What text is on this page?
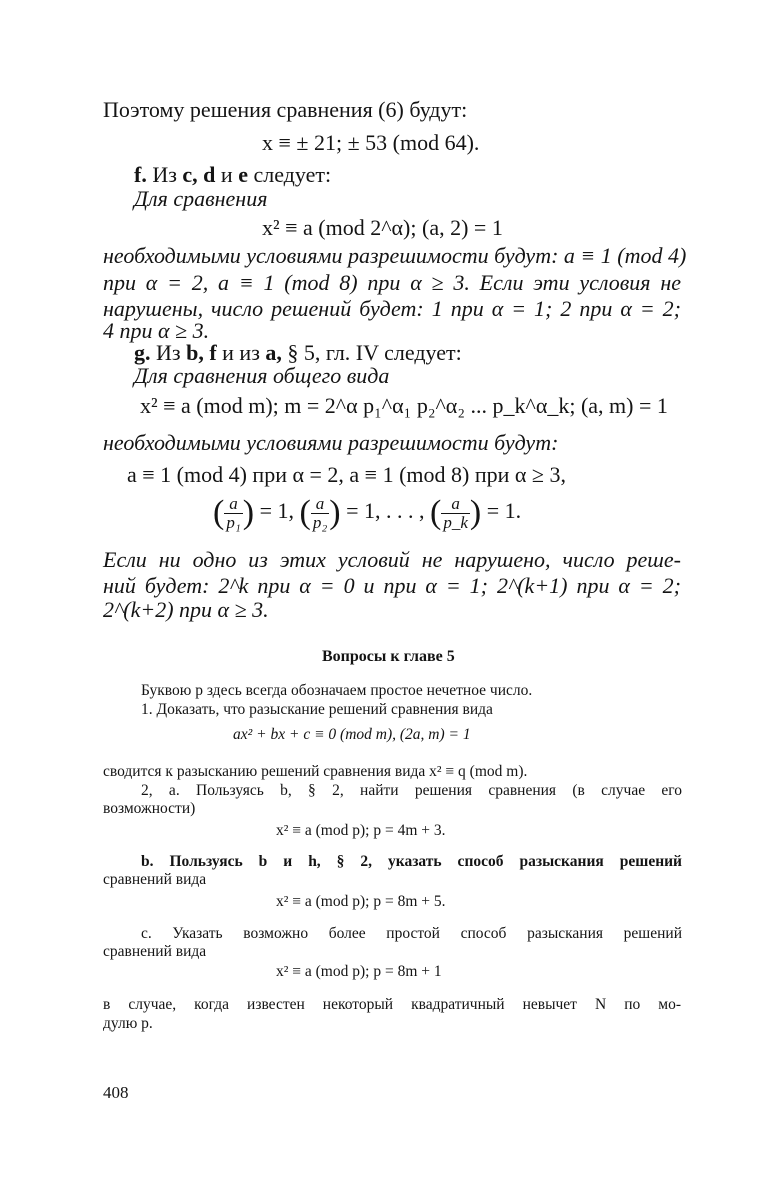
Поэтому решения сравнения (6) будут:
x ≡ ± 21; ± 53 (mod 64).
f. Из c, d и e следует:
Для сравнения
x² ≡ a (mod 2^α); (a, 2) = 1
необходимыми условиями разрешимости будут: a ≡ 1 (mod 4)
при α = 2, a ≡ 1 (mod 8) при α ≥ 3. Если эти условия не
нарушены, число решений будет: 1 при α = 1; 2 при α = 2;
4 при α ≥ 3.
g. Из b, f и из a, § 5, гл. IV следует:
Для сравнения общего вида
x² ≡ a (mod m); m = 2^α p₁^α₁ p₂^α₂ ... p_k^α_k; (a, m) = 1
необходимыми условиями разрешимости будут:
a ≡ 1 (mod 4) при α = 2, a ≡ 1 (mod 8) при α ≥ 3,
( $\frac{a}{\text{p₁}}$ ) = 1, ( $\frac{a}{\text{p₂}}$ ) = 1, . . . , ( $\frac{a}{p\_k}$ ) = 1.
Если ни одно из этих условий не нарушено, число реше-
ний будет: 2^k при α = 0 и при α = 1; 2^(k+1) при α = 2;
2^(k+2) при α ≥ 3.
Вопросы к главе 5
Буквою p здесь всегда обозначаем простое нечетное число.
1. Доказать, что разыскание решений сравнения вида
ax² + bx + c ≡ 0 (mod m), (2a, m) = 1
сводится к разысканию решений сравнения вида x² ≡ q (mod m).
2, a. Пользуясь b, § 2, найти решения сравнения (в случае его
возможности)
x² ≡ a (mod p); p = 4m + 3.
b. Пользуясь b и h, § 2, указать способ разыскания решений
сравнений вида
x² ≡ a (mod p); p = 8m + 5.
c. Указать возможно более простой способ разыскания решений
сравнений вида
x² ≡ a (mod p); p = 8m + 1
в случае, когда известен некоторый квадратичный невычет N по мо-
дулю p.
408
